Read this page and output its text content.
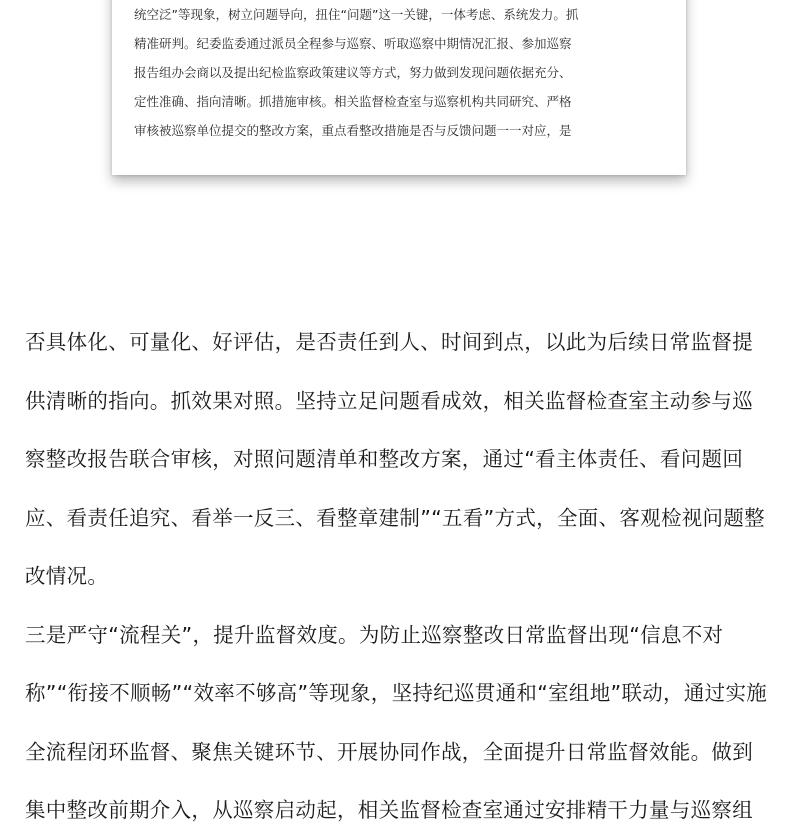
统空泛”等现象，树立问题导向，扭住“问题”这一关键，一体考虑、系统发力。抓
精准研判。纪委监委通过派员全程参与巡察、听取巡察中期情况汇报、参加巡察
报告组办会商以及提出纪检监察政策建议等方式，努力做到发现问题依据充分、
定性准确、指向清晰。抓措施审核。相关监督检查室与巡察机构共同研究、严格
审核被巡察单位提交的整改方案，重点看整改措施是否与反馈问题一一对应，是
否具体化、可量化、好评估，是否责任到人、时间到点，以此为后续日常监督提
供清晰的指向。抓效果对照。坚持立足问题看成效，相关监督检查室主动参与巡
察整改报告联合审核，对照问题清单和整改方案，通过“看主体责任、看问题回
应、看责任追究、看举一反三、看整章建制”“五看”方式，全面、客观检视问题整
改情况。
三是严守“流程关”，提升监督效度。为防止巡察整改日常监督出现“信息不对
称”“衔接不顺畅”“效率不够高”等现象，坚持纪巡贯通和“室组地”联动，通过实施
全流程闭环监督、聚焦关键环节、开展协同作战，全面提升日常监督效能。做到
集中整改前期介入，从巡察启动起，相关监督检查室通过安排精干力量与巡察组
